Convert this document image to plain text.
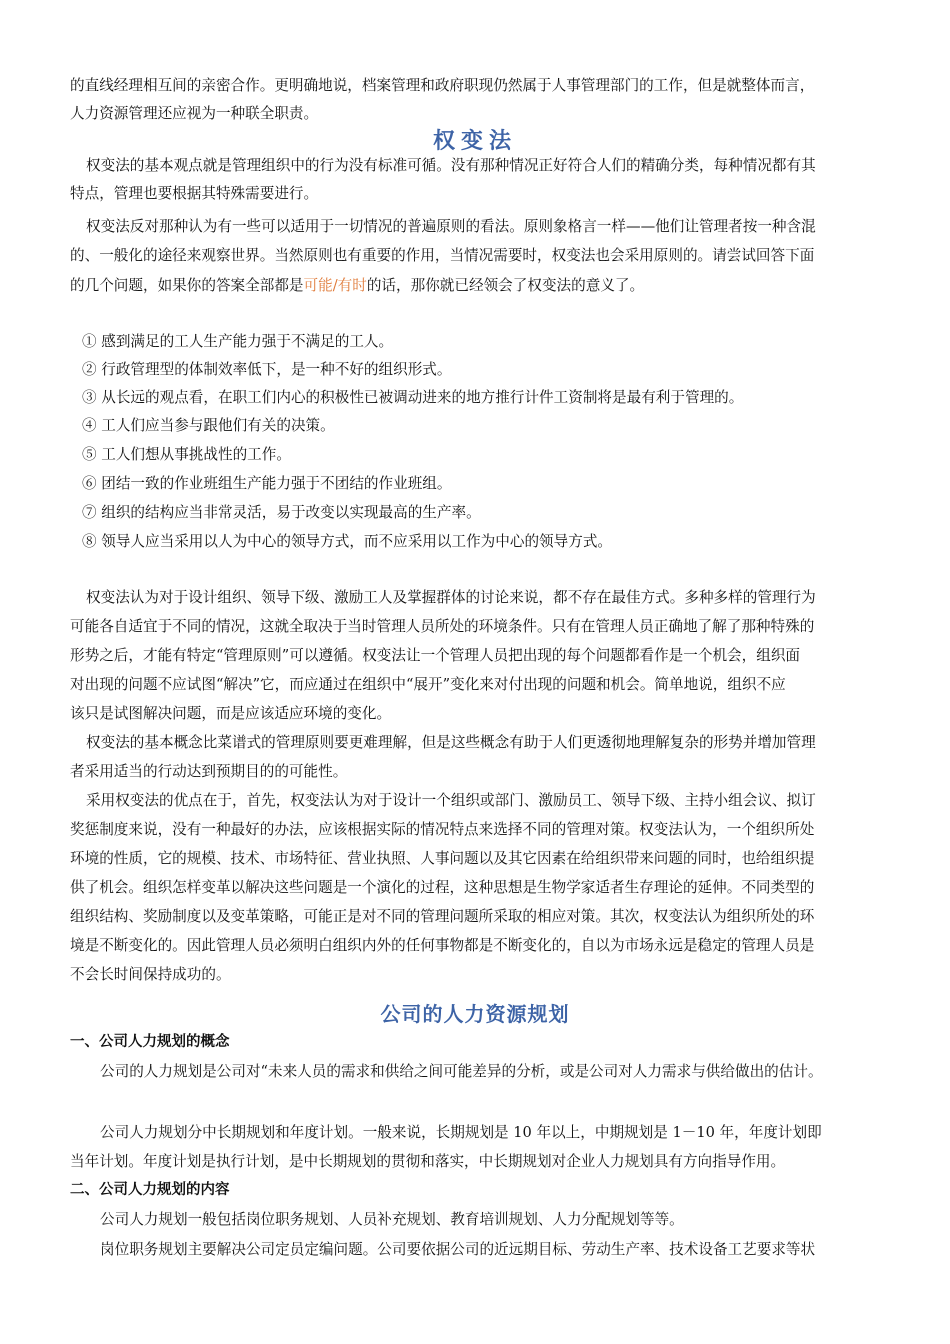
的直线经理相互间的亲密合作。更明确地说，档案管理和政府职现仍然属于人事管理部门的工作，但是就整体而言，
人力资源管理还应视为一种联全职责。
权变法
权变法的基本观点就是管理组织中的行为没有标准可循。没有那种情况正好符合人们的精确分类，每种情况都有其
特点，管理也要根据其特殊需要进行。
权变法反对那种认为有一些可以适用于一切情况的普遍原则的看法。原则象格言一样——他们让管理者按一种含混
的、一般化的途径来观察世界。当然原则也有重要的作用，当情况需要时，权变法也会采用原则的。请尝试回答下面
的几个问题，如果你的答案全部都是可能/有时的话，那你就已经领会了权变法的意义了。
① 感到满足的工人生产能力强于不满足的工人。
② 行政管理型的体制效率低下，是一种不好的组织形式。
③ 从长远的观点看，在职工们内心的积极性已被调动进来的地方推行计件工资制将是最有利于管理的。
④ 工人们应当参与跟他们有关的决策。
⑤ 工人们想从事挑战性的工作。
⑥ 团结一致的作业班组生产能力强于不团结的作业班组。
⑦ 组织的结构应当非常灵活，易于改变以实现最高的生产率。
⑧ 领导人应当采用以人为中心的领导方式，而不应采用以工作为中心的领导方式。
权变法认为对于设计组织、领导下级、激励工人及掌握群体的讨论来说，都不存在最佳方式。多种多样的管理行为
可能各自适宜于不同的情况，这就全取决于当时管理人员所处的环境条件。只有在管理人员正确地了解了那种特殊的
形势之后，才能有特定“管理原则”可以遵循。权变法让一个管理人员把出现的每个问题都看作是一个机会，组织面
对出现的问题不应试图“解决”它，而应通过在组织中“展开”变化来对付出现的问题和机会。简单地说，组织不应
该只是试图解决问题，而是应该适应环境的变化。
权变法的基本概念比菜谱式的管理原则要更难理解，但是这些概念有助于人们更透彻地理解复杂的形势并增加管理
者采用适当的行动达到预期目的的可能性。
采用权变法的优点在于，首先，权变法认为对于设计一个组织或部门、激励员工、领导下级、主持小组会议、拟订
奖惩制度来说，没有一种最好的办法，应该根据实际的情况特点来选择不同的管理对策。权变法认为，一个组织所处
环境的性质，它的规模、技术、市场特征、营业执照、人事问题以及其它因素在给组织带来问题的同时，也给组织提
供了机会。组织怎样变革以解决这些问题是一个演化的过程，这种思想是生物学家适者生存理论的延伸。不同类型的
组织结构、奖励制度以及变革策略，可能正是对不同的管理问题所采取的相应对策。其次，权变法认为组织所处的环
境是不断变化的。因此管理人员必须明白组织内外的任何事物都是不断变化的，自以为市场永远是稳定的管理人员是
不会长时间保持成功的。
公司的人力资源规划
一、公司人力规划的概念
公司的人力规划是公司对“未来人员的需求和供给之间可能差异的分析，或是公司对人力需求与供给做出的估计。
公司人力规划分中长期规划和年度计划。一般来说，长期规划是 10 年以上，中期规划是 1－10 年，年度计划即
当年计划。年度计划是执行计划，是中长期规划的贯彻和落实，中长期规划对企业人力规划具有方向指导作用。
二、公司人力规划的内容
公司人力规划一般包括岗位职务规划、人员补充规划、教育培训规划、人力分配规划等等。
岗位职务规划主要解决公司定员定编问题。公司要依据公司的近远期目标、劳动生产率、技术设备工艺要求等状
